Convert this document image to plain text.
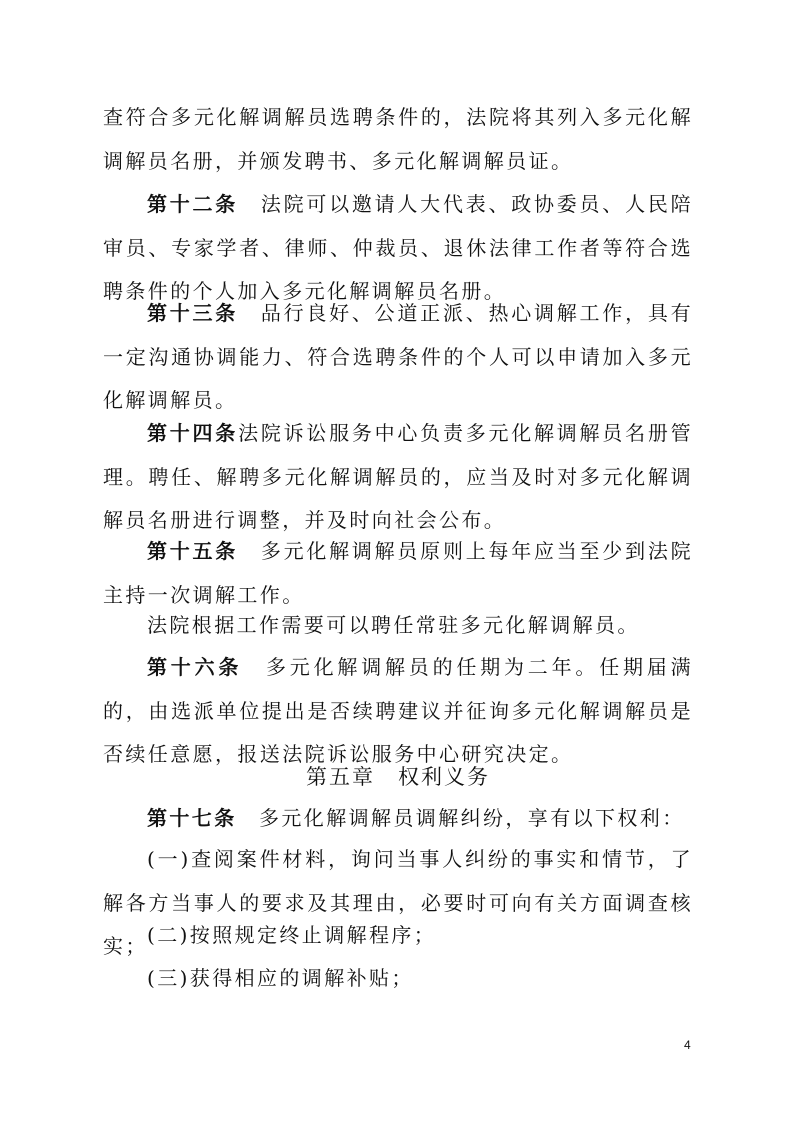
查符合多元化解调解员选聘条件的，法院将其列入多元化解调解员名册，并颁发聘书、多元化解调解员证。

第十二条　法院可以邀请人大代表、政协委员、人民陪审员、专家学者、律师、仲裁员、退休法律工作者等符合选聘条件的个人加入多元化解调解员名册。

第十三条　品行良好、公道正派、热心调解工作，具有一定沟通协调能力、符合选聘条件的个人可以申请加入多元化解调解员。

第十四条法院诉讼服务中心负责多元化解调解员名册管理。聘任、解聘多元化解调解员的，应当及时对多元化解调解员名册进行调整，并及时向社会公布。

第十五条　多元化解调解员原则上每年应当至少到法院主持一次调解工作。

法院根据工作需要可以聘任常驻多元化解调解员。

第十六条　多元化解调解员的任期为二年。任期届满的，由选派单位提出是否续聘建议并征询多元化解调解员是否续任意愿，报送法院诉讼服务中心研究决定。

第五章　权利义务

第十七条　多元化解调解员调解纠纷，享有以下权利：

(一)查阅案件材料，询问当事人纠纷的事实和情节，了解各方当事人的要求及其理由，必要时可向有关方面调查核实； (二)按照规定终止调解程序；

(三)获得相应的调解补贴；

4
